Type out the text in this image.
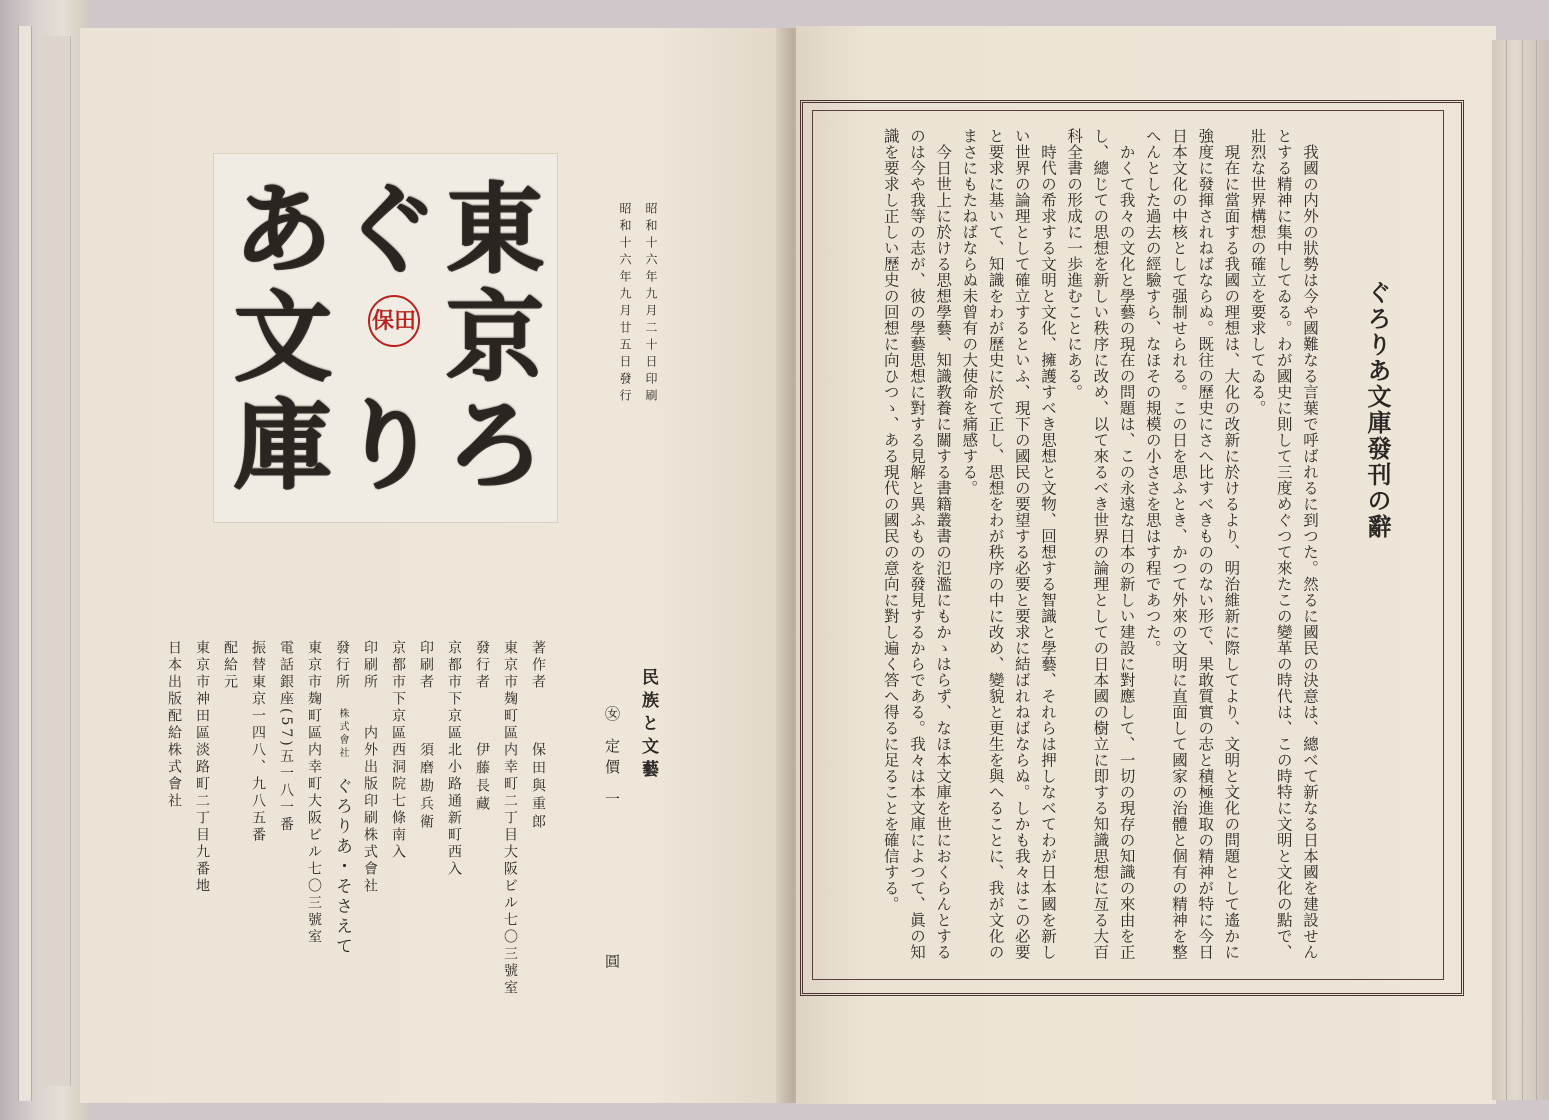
あ ぐ 東
文 京
庫 り ろ
保田	昭和十六年九月二十日印刷
昭和十六年九月廿五日發行
民族と文藝
㊛ 定價 一  圓
著作者　　　保田與重郎
東京市麹町區内幸町二丁目大阪ビル七〇三號室
發行者　　　伊藤長藏
京都市下京區北小路通新町西入
印刷者　　　須磨勘兵衛
京都市下京區西洞院七條南入
印刷所　　内外出版印刷株式會社
發行所　株式會社　ぐろりあ・そさえて
東京市麹町區内幸町大阪ビル七〇三號室
電話銀座(57)五一八一番
振替東京一四八、九八五番
配給元
東京市神田區淡路町二丁目九番地
日本出版配給株式會社
ぐろりあ文庫發刊の辭

我國の内外の狀勢は今や國難なる言葉で呼ばれるに到つた。然るに國民の決意は、總べて新なる日本國を建設せんとする精神に集中してゐる。わが國史に則して三度めぐつて來たこの變革の時代は、この時特に文明と文化の點で、壯烈な世界構想の確立を要求してゐる。

現在に當面する我國の理想は、大化の改新に於けるより、明治維新に際してより、文明と文化の問題として遙かに強度に發揮されねばならぬ。既往の歷史にさへ比すべきもののない形で、果敢質實の志と積極進取の精神が特に今日日本文化の中核として强制せられる。この日を思ふとき、かつて外來の文明に直面して國家の治體と個有の精神を整へんとした過去の經驗すら、なほその規模の小ささを思はす程であつた。

かくて我々の文化と學藝の現在の問題は、この永遠な日本の新しい建設に對應して、一切の現存の知識の來由を正し、總じての思想を新しい秩序に改め、以て來るべき世界の論理としての日本國の樹立に即する知識思想に亙る大百科全書の形成に一歩進むことにある。

時代の希求する文明と文化、擁護すべき思想と文物、回想する智識と學藝、それらは押しなべてわが日本國を新しい世界の論理として確立するといふ、現下の國民の要望する必要と要求に結ばれねばならぬ。しかも我々はこの必要と要求に基いて、知識をわが歷史に於て正し、思想をわが秩序の中に改め、變貌と更生を與へることに、我が文化のまさにもたねばならぬ未曾有の大使命を痛感する。

今日世上に於ける思想學藝、知識教養に關する書籍叢書の氾濫にもかゝはらず、なほ本文庫を世におくらんとするのは今や我等の志が、彼の學藝思想に對する見解と異ふものを發見するからである。我々は本文庫によつて、眞の知識を要求し正しい歷史の回想に向ひつゝ、ある現代の國民の意向に對し遍く答へ得るに足ることを確信する。
